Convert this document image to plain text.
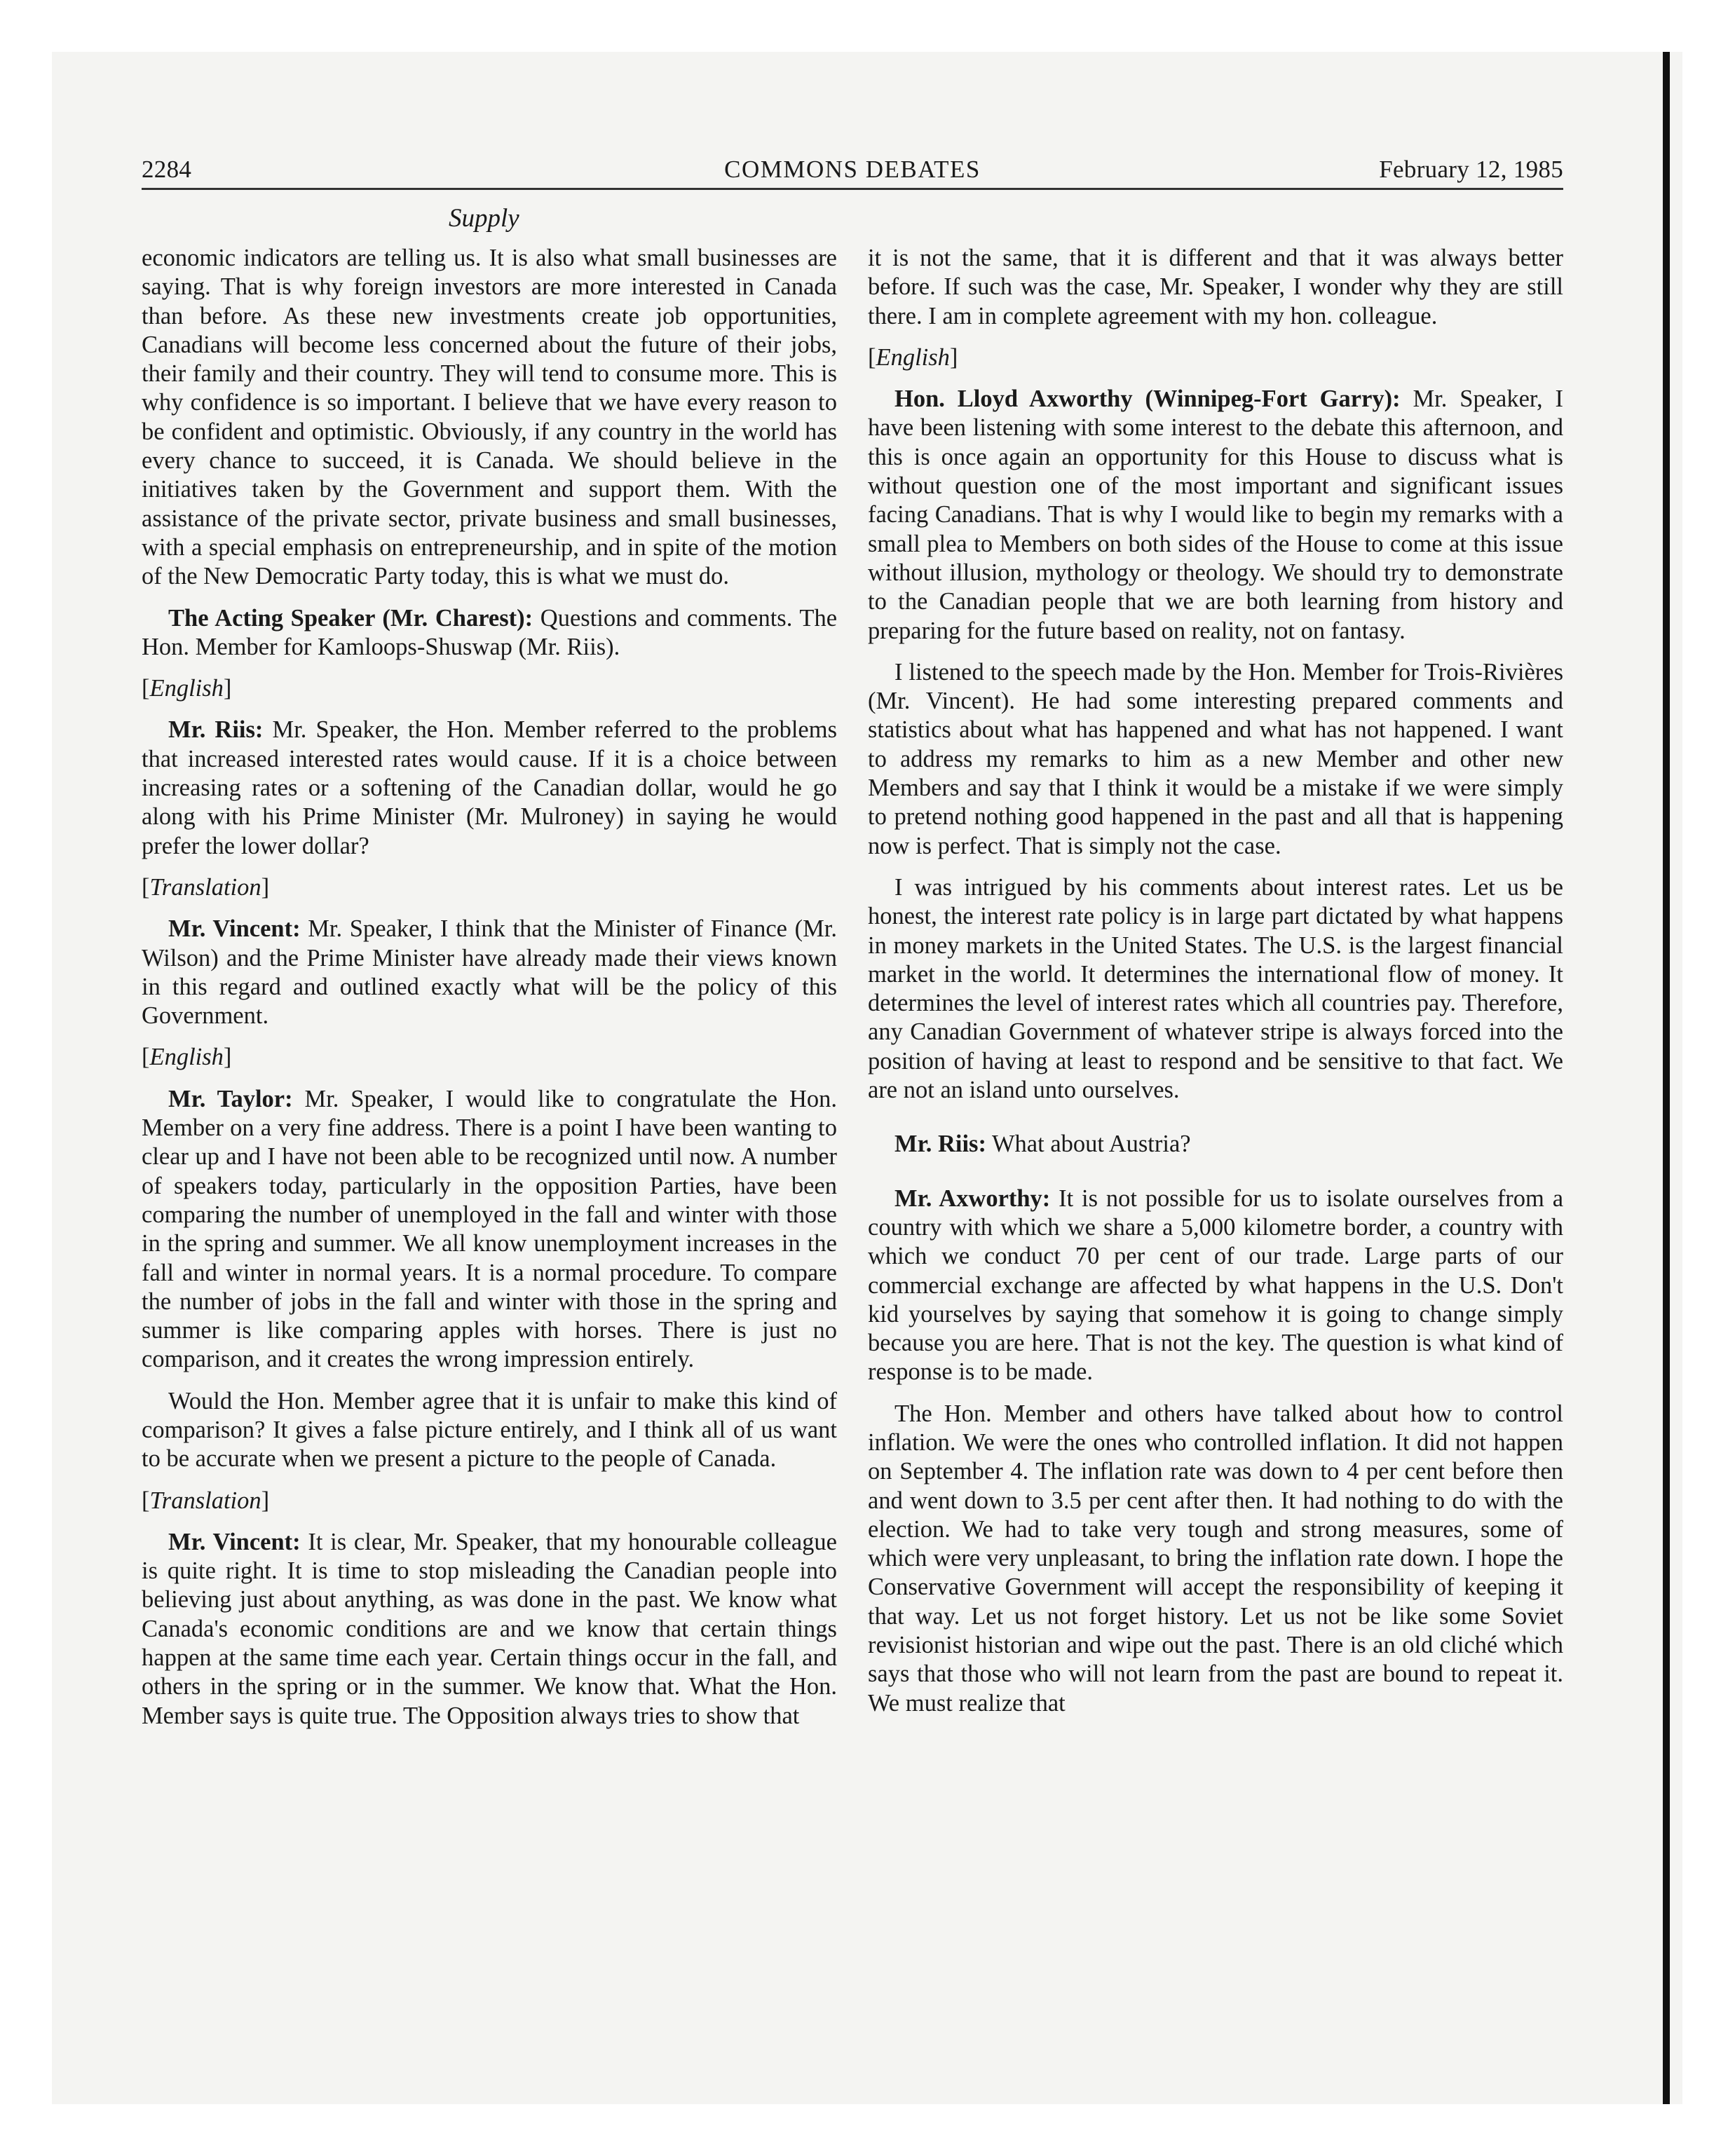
2284	COMMONS DEBATES	February 12, 1985
Supply

economic indicators are telling us. It is also what small businesses are saying. That is why foreign investors are more interested in Canada than before. As these new investments create job opportunities, Canadians will become less concerned about the future of their jobs, their family and their country. They will tend to consume more. This is why confidence is so important. I believe that we have every reason to be confident and optimistic. Obviously, if any country in the world has every chance to succeed, it is Canada. We should believe in the initiatives taken by the Government and support them. With the assistance of the private sector, private business and small businesses, with a special emphasis on entrepreneurship, and in spite of the motion of the New Democratic Party today, this is what we must do.

The Acting Speaker (Mr. Charest): Questions and comments. The Hon. Member for Kamloops-Shuswap (Mr. Riis).

[English]

Mr. Riis: Mr. Speaker, the Hon. Member referred to the problems that increased interested rates would cause. If it is a choice between increasing rates or a softening of the Canadian dollar, would he go along with his Prime Minister (Mr. Mulroney) in saying he would prefer the lower dollar?

[Translation]

Mr. Vincent: Mr. Speaker, I think that the Minister of Finance (Mr. Wilson) and the Prime Minister have already made their views known in this regard and outlined exactly what will be the policy of this Government.

[English]

Mr. Taylor: Mr. Speaker, I would like to congratulate the Hon. Member on a very fine address. There is a point I have been wanting to clear up and I have not been able to be recognized until now. A number of speakers today, particularly in the opposition Parties, have been comparing the number of unemployed in the fall and winter with those in the spring and summer. We all know unemployment increases in the fall and winter in normal years. It is a normal procedure. To compare the number of jobs in the fall and winter with those in the spring and summer is like comparing apples with horses. There is just no comparison, and it creates the wrong impression entirely.

Would the Hon. Member agree that it is unfair to make this kind of comparison? It gives a false picture entirely, and I think all of us want to be accurate when we present a picture to the people of Canada.

[Translation]

Mr. Vincent: It is clear, Mr. Speaker, that my honourable colleague is quite right. It is time to stop misleading the Canadian people into believing just about anything, as was done in the past. We know what Canada's economic conditions are and we know that certain things happen at the same time each year. Certain things occur in the fall, and others in the spring or in the summer. We know that. What the Hon. Member says is quite true. The Opposition always tries to show that

it is not the same, that it is different and that it was always better before. If such was the case, Mr. Speaker, I wonder why they are still there. I am in complete agreement with my hon. colleague.

[English]

Hon. Lloyd Axworthy (Winnipeg-Fort Garry): Mr. Speaker, I have been listening with some interest to the debate this afternoon, and this is once again an opportunity for this House to discuss what is without question one of the most important and significant issues facing Canadians. That is why I would like to begin my remarks with a small plea to Members on both sides of the House to come at this issue without illusion, mythology or theology. We should try to demonstrate to the Canadian people that we are both learning from history and preparing for the future based on reality, not on fantasy.

I listened to the speech made by the Hon. Member for Trois-Rivières (Mr. Vincent). He had some interesting prepared comments and statistics about what has happened and what has not happened. I want to address my remarks to him as a new Member and other new Members and say that I think it would be a mistake if we were simply to pretend nothing good happened in the past and all that is happening now is perfect. That is simply not the case.

I was intrigued by his comments about interest rates. Let us be honest, the interest rate policy is in large part dictated by what happens in money markets in the United States. The U.S. is the largest financial market in the world. It determines the international flow of money. It determines the level of interest rates which all countries pay. Therefore, any Canadian Government of whatever stripe is always forced into the position of having at least to respond and be sensitive to that fact. We are not an island unto ourselves.

Mr. Riis: What about Austria?

Mr. Axworthy: It is not possible for us to isolate ourselves from a country with which we share a 5,000 kilometre border, a country with which we conduct 70 per cent of our trade. Large parts of our commercial exchange are affected by what happens in the U.S. Don't kid yourselves by saying that somehow it is going to change simply because you are here. That is not the key. The question is what kind of response is to be made.

The Hon. Member and others have talked about how to control inflation. We were the ones who controlled inflation. It did not happen on September 4. The inflation rate was down to 4 per cent before then and went down to 3.5 per cent after then. It had nothing to do with the election. We had to take very tough and strong measures, some of which were very unpleasant, to bring the inflation rate down. I hope the Conservative Government will accept the responsibility of keeping it that way. Let us not forget history. Let us not be like some Soviet revisionist historian and wipe out the past. There is an old cliché which says that those who will not learn from the past are bound to repeat it. We must realize that
